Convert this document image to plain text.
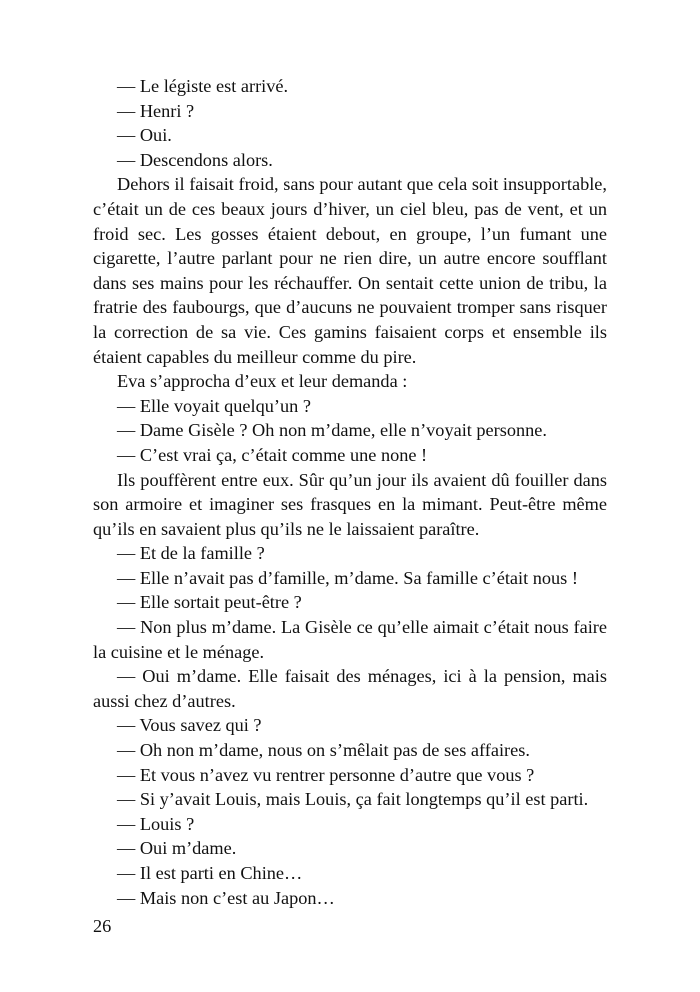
— Le légiste est arrivé.

— Henri ?

— Oui.

— Descendons alors.

Dehors il faisait froid, sans pour autant que cela soit insupportable, c’était un de ces beaux jours d’hiver, un ciel bleu, pas de vent, et un froid sec. Les gosses étaient debout, en groupe, l’un fumant une cigarette, l’autre parlant pour ne rien dire, un autre encore soufflant dans ses mains pour les réchauffer. On sentait cette union de tribu, la fratrie des faubourgs, que d’aucuns ne pouvaient tromper sans risquer la correction de sa vie. Ces gamins faisaient corps et ensemble ils étaient capables du meilleur comme du pire.

Eva s’approcha d’eux et leur demanda :

— Elle voyait quelqu’un ?

— Dame Gisèle ? Oh non m’dame, elle n’voyait personne.

— C’est vrai ça, c’était comme une none !

Ils pouffèrent entre eux. Sûr qu’un jour ils avaient dû fouiller dans son armoire et imaginer ses frasques en la mimant. Peut-être même qu’ils en savaient plus qu’ils ne le laissaient paraître.

— Et de la famille ?

— Elle n’avait pas d’famille, m’dame. Sa famille c’était nous !

— Elle sortait peut-être ?

— Non plus m’dame. La Gisèle ce qu’elle aimait c’était nous faire la cuisine et le ménage.

— Oui m’dame. Elle faisait des ménages, ici à la pension, mais aussi chez d’autres.

— Vous savez qui ?

— Oh non m’dame, nous on s’mêlait pas de ses affaires.

— Et vous n’avez vu rentrer personne d’autre que vous ?

— Si y’avait Louis, mais Louis, ça fait longtemps qu’il est parti.

— Louis ?

— Oui m’dame.

— Il est parti en Chine…

— Mais non c’est au Japon…

26
